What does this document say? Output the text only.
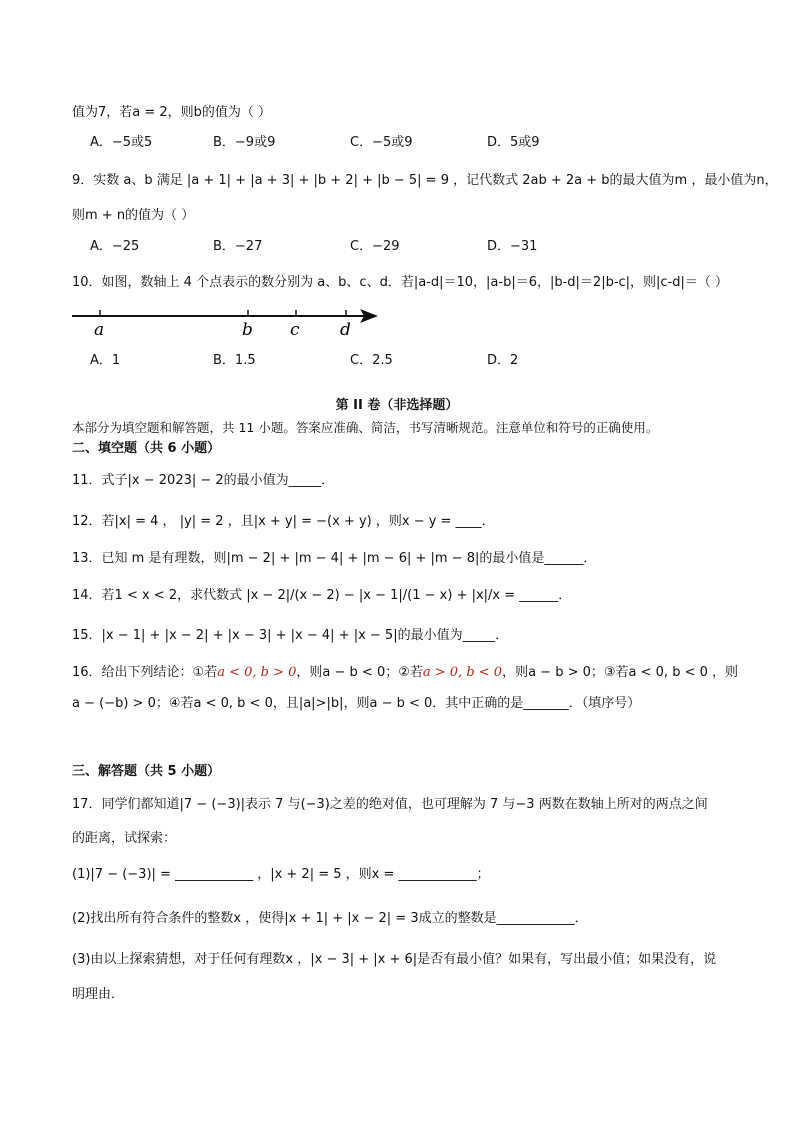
值为7，若a = 2，则b的值为（ ）
A．−5或5	B．−9或9	C．−5或9	D．5或9
9．实数 a、b 满足 |a + 1| + |a + 3| + |b + 2| + |b − 5| = 9 ，记代数式 2ab + 2a + b的最大值为m ，最小值为n，
则m + n的值为（ ）
A．−25	B．−27	C．−29	D．−31
10．如图，数轴上 4 个点表示的数分别为 a、b、c、d．若|a-d|＝10，|a-b|＝6，|b-d|＝2|b-c|，则|c-d|＝（ ）
a	b c d
A．1	B．1.5	C．2.5	D．2
第 II 卷（非选择题）
本部分为填空题和解答题，共 11 小题。答案应准确、简洁，书写清晰规范。注意单位和符号的正确使用。
二、填空题（共 6 小题）
11．式子|x − 2023| − 2的最小值为_____．
12．若|x| = 4 ， |y| = 2 ，且|x + y| = −(x + y) ，则x − y = ____．
13．已知 m 是有理数，则|m − 2| + |m − 4| + |m − 6| + |m − 8|的最小值是______．
14．若1 < x < 2，求代数式 |x − 2|/(x − 2) − |x − 1|/(1 − x) + |x|/x = ______．
15．|x − 1| + |x − 2| + |x − 3| + |x − 4| + |x − 5|的最小值为_____．
16．给出下列结论：①若a < 0, b > 0，则a − b < 0；②若a > 0, b < 0，则a − b > 0；③若a < 0, b < 0 ，则
a − (−b) > 0；④若a < 0, b < 0，且|a|>|b|，则a − b < 0．其中正确的是_______．（填序号）
三、解答题（共 5 小题）
17．同学们都知道|7 − (−3)|表示 7 与(−3)之差的绝对值，也可理解为 7 与−3 两数在数轴上所对的两点之间
的距离，试探索：
(1)|7 − (−3)| = ____________ ，|x + 2| = 5 ，则x = ____________；
(2)找出所有符合条件的整数x ，使得|x + 1| + |x − 2| = 3成立的整数是____________．
(3)由以上探索猜想，对于任何有理数x ，|x − 3| + |x + 6|是否有最小值？如果有，写出最小值；如果没有，说
明理由．
